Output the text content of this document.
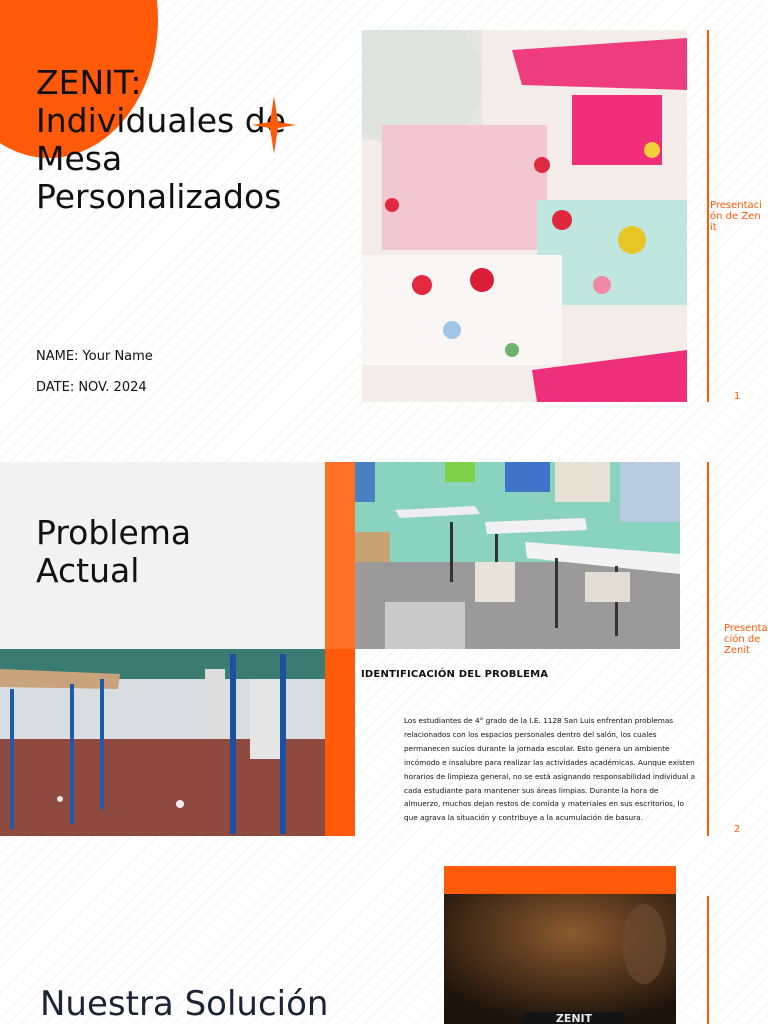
ZENIT: Individuales de Mesa Personalizados
NAME: Your Name
DATE: NOV. 2024
Presentación de Zenit
1
Problema Actual
IDENTIFICACIÓN DEL PROBLEMA
Los estudiantes de 4° grado de la I.E. 1128 San Luis enfrentan problemas relacionados con los espacios personales dentro del salón, los cuales permanecen sucios durante la jornada escolar. Esto genera un ambiente incómodo e insalubre para realizar las actividades académicas. Aunque existen horarios de limpieza general, no se está asignando responsabilidad individual a cada estudiante para mantener sus áreas limpias. Durante la hora de almuerzo, muchos dejan restos de comida y materiales en sus escritorios, lo que agrava la situación y contribuye a la acumulación de basura.
Presentación de Zenit
2
ZENIT
Nuestra Solución
